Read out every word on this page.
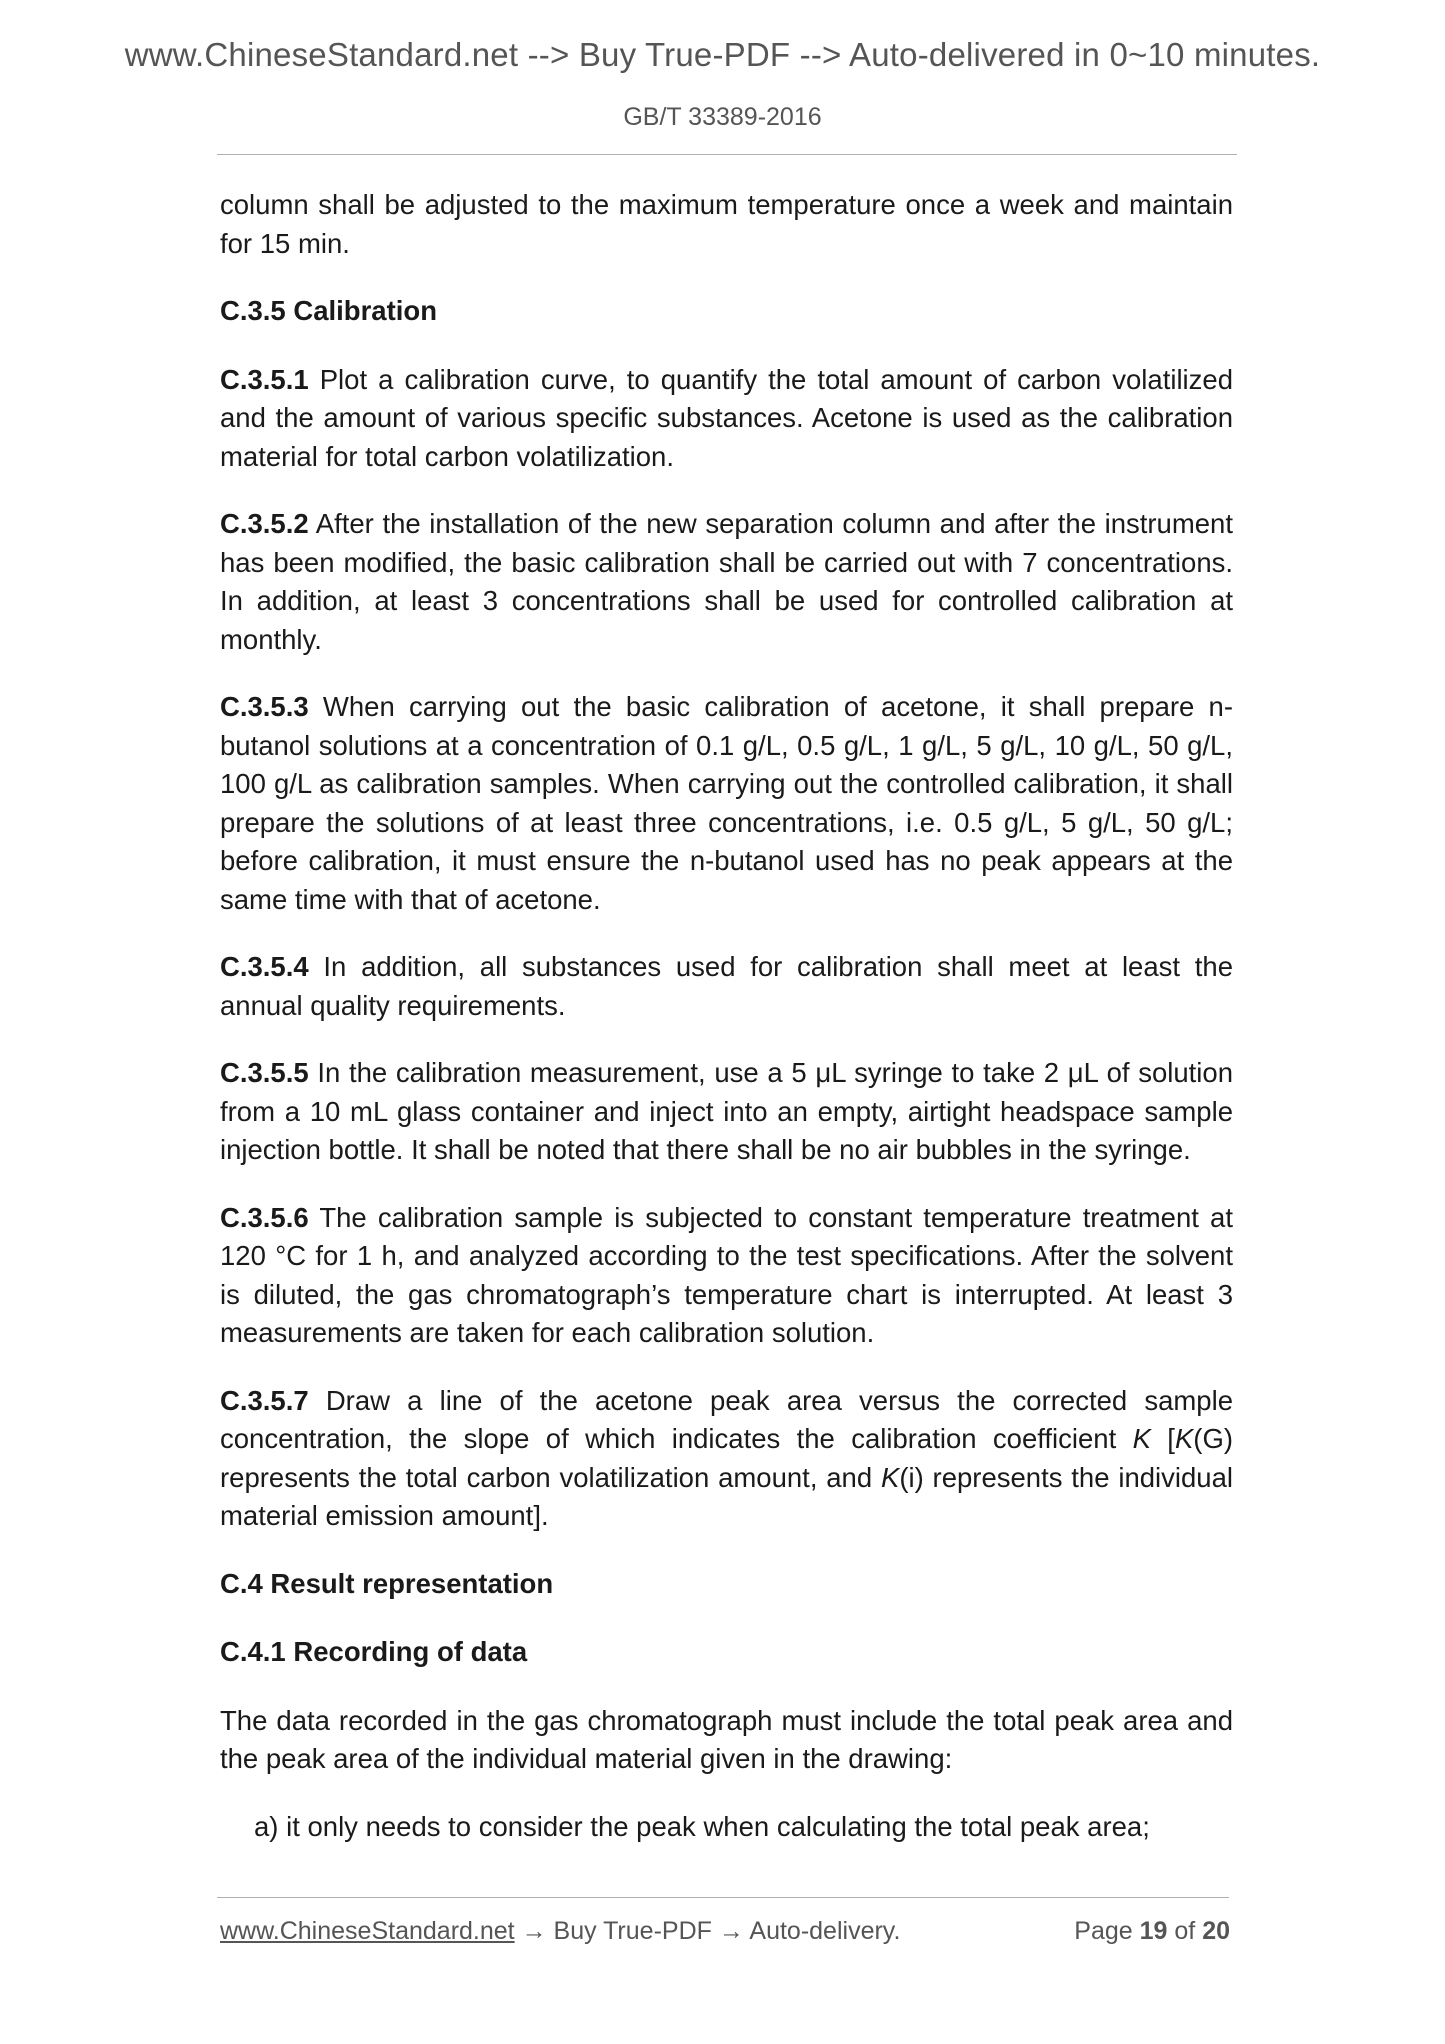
www.ChineseStandard.net --> Buy True-PDF --> Auto-delivered in 0~10 minutes.
GB/T 33389-2016

column shall be adjusted to the maximum temperature once a week and maintain for 15 min.

C.3.5 Calibration

C.3.5.1 Plot a calibration curve, to quantify the total amount of carbon volatilized and the amount of various specific substances. Acetone is used as the calibration material for total carbon volatilization.

C.3.5.2 After the installation of the new separation column and after the instrument has been modified, the basic calibration shall be carried out with 7 concentrations. In addition, at least 3 concentrations shall be used for controlled calibration at monthly.

C.3.5.3 When carrying out the basic calibration of acetone, it shall prepare n-butanol solutions at a concentration of 0.1 g/L, 0.5 g/L, 1 g/L, 5 g/L, 10 g/L, 50 g/L, 100 g/L as calibration samples. When carrying out the controlled calibration, it shall prepare the solutions of at least three concentrations, i.e. 0.5 g/L, 5 g/L, 50 g/L; before calibration, it must ensure the n-butanol used has no peak appears at the same time with that of acetone.

C.3.5.4 In addition, all substances used for calibration shall meet at least the annual quality requirements.

C.3.5.5 In the calibration measurement, use a 5 μL syringe to take 2 μL of solution from a 10 mL glass container and inject into an empty, airtight headspace sample injection bottle. It shall be noted that there shall be no air bubbles in the syringe.

C.3.5.6 The calibration sample is subjected to constant temperature treatment at 120 °C for 1 h, and analyzed according to the test specifications. After the solvent is diluted, the gas chromatograph’s temperature chart is interrupted. At least 3 measurements are taken for each calibration solution.

C.3.5.7 Draw a line of the acetone peak area versus the corrected sample concentration, the slope of which indicates the calibration coefficient K [K(G) represents the total carbon volatilization amount, and K(i) represents the individual material emission amount].

C.4 Result representation
C.4.1 Recording of data

The data recorded in the gas chromatograph must include the total peak area and the peak area of the individual material given in the drawing:

a) it only needs to consider the peak when calculating the total peak area;

www.ChineseStandard.net → Buy True-PDF → Auto-delivery.	Page 19 of 20
